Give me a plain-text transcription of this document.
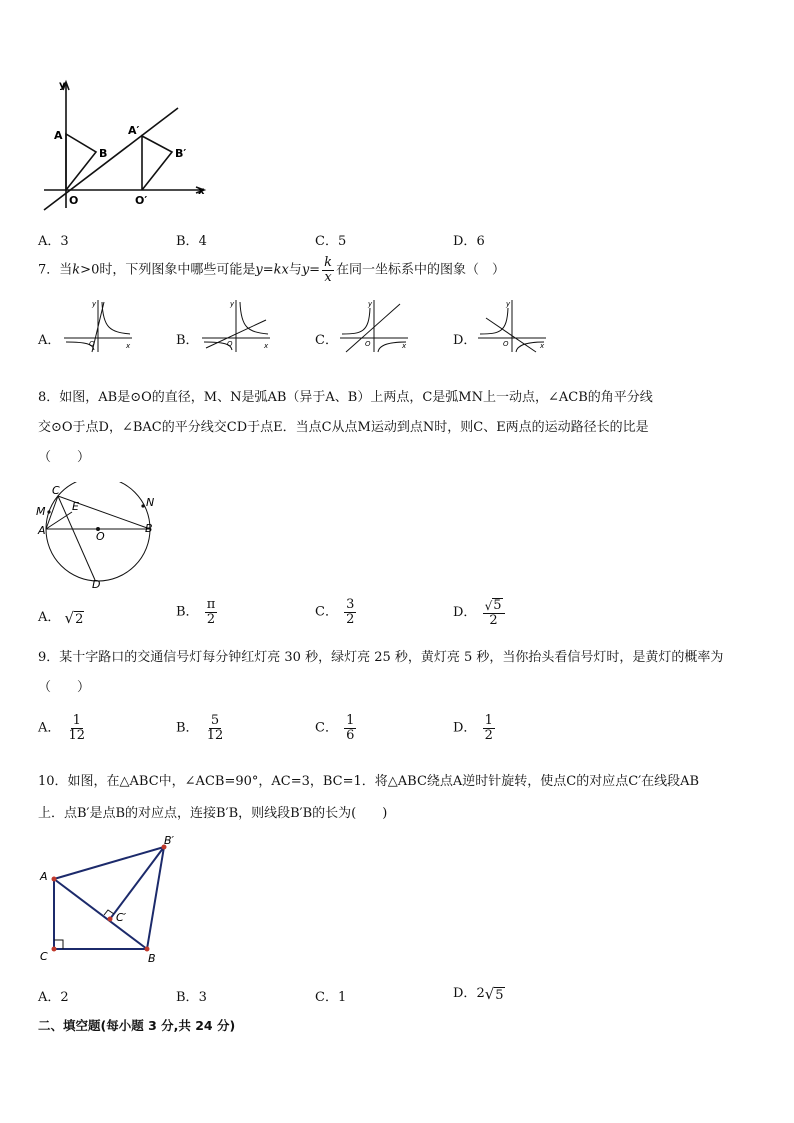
y
x
A
B
O
A′
B′
O′
A．3	B．4	C．5	D．6
7．当k>0时，下列图象中哪些可能是y=kx与$y= \frac{k}{x}$ 在同一坐标系中的图象（　）
A．
y
x
O	B．
y
x
O	C．
y
x
O	D．
y
x
O
8．如图，AB是⊙O的直径，M、N是弧AB（异于A、B）上两点，C是弧MN上一动点，∠ACB的角平分线
交⊙O于点D，∠BAC的平分线交CD于点E．当点C从点M运动到点N时，则C、E两点的运动路径长的比是
（　　）
C
M E
A	O
B
N
D
A． √ 2	B． $\frac{\pi}{2}$	C． $\frac{3}{2}$	D． $\frac{√ 5}{2}$
9．某十字路口的交通信号灯每分钟红灯亮 30 秒，绿灯亮 25 秒，黄灯亮 5 秒，当你抬头看信号灯时，是黄灯的概率为
（　　）
A． $\frac{1}{12}$	B． $\frac{5}{12}$	C． $\frac{1}{6}$	D． $\frac{1}{2}$
10．如图，在△ABC中，∠ACB=90°，AC=3，BC=1．将△ABC绕点A逆时针旋转，使点C的对应点C′在线段AB
上．点B′是点B的对应点，连接B′B，则线段B′B的长为(　　)
A
C	B
B′
C′
A．2	B．3	C．1	D．2 √ 5
二、填空题(每小题 3 分,共 24 分)
